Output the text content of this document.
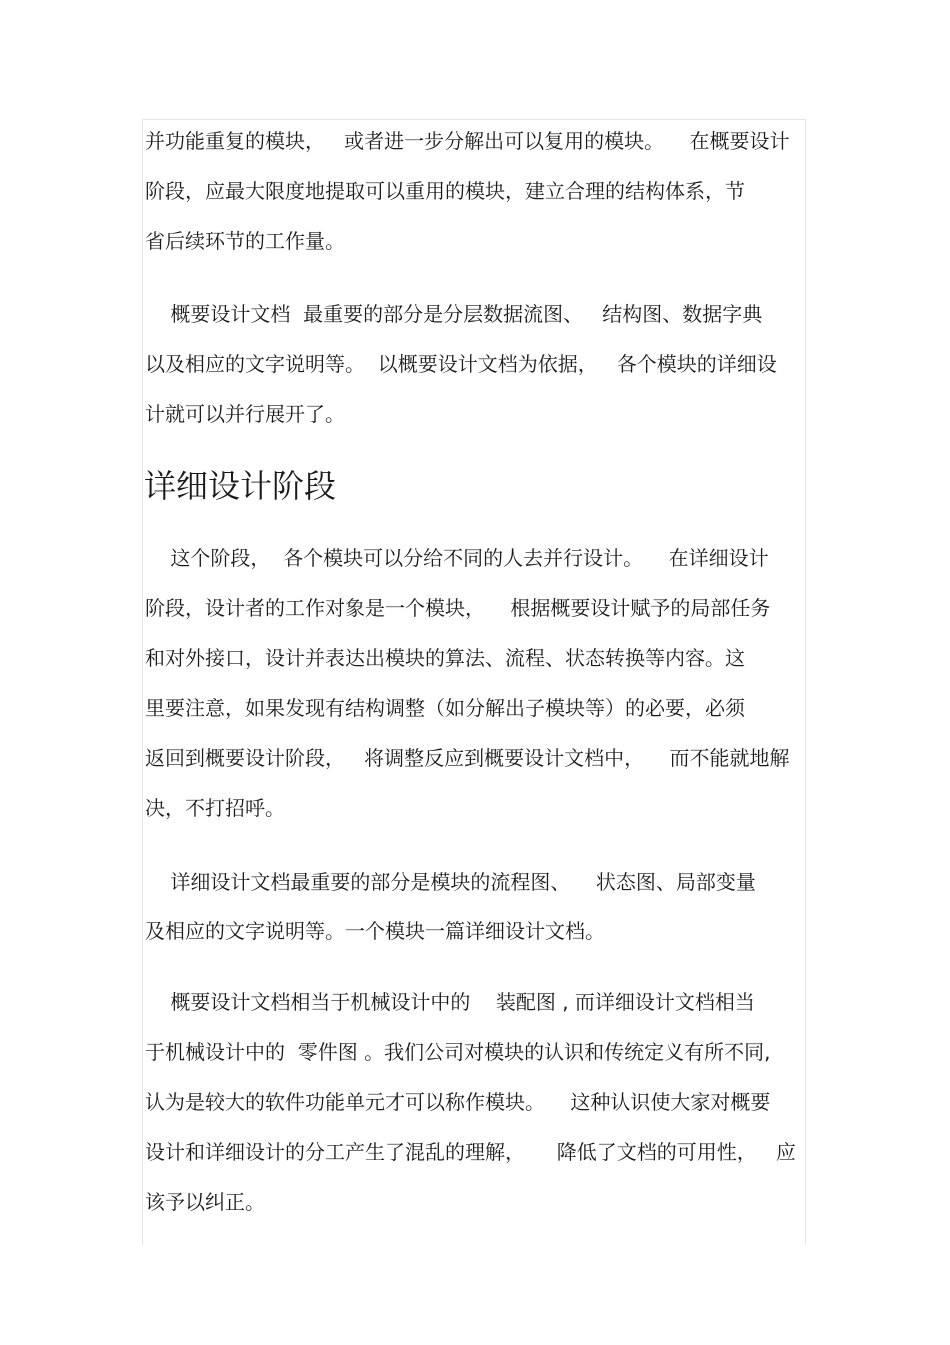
并功能重复的模块，   或者进一步分解出可以复用的模块。    在概要设计
阶段，应最大限度地提取可以重用的模块，建立合理的结构体系，节
省后续环节的工作量。
概要设计文档  最重要的部分是分层数据流图、   结构图、数据字典
以及相应的文字说明等。  以概要设计文档为依据，   各个模块的详细设
计就可以并行展开了。
详细设计阶段
这个阶段，  各个模块可以分给不同的人去并行设计。    在详细设计
阶段，设计者的工作对象是一个模块，    根据概要设计赋予的局部任务
和对外接口，设计并表达出模块的算法、流程、状态转换等内容。这
里要注意，如果发现有结构调整（如分解出子模块等）的必要，必须
返回到概要设计阶段，   将调整反应到概要设计文档中，    而不能就地解
决，不打招呼。
详细设计文档最重要的部分是模块的流程图、    状态图、局部变量
及相应的文字说明等。一个模块一篇详细设计文档。
概要设计文档相当于机械设计中的    装配图 , 而详细设计文档相当
于机械设计中的  零件图 。我们公司对模块的认识和传统定义有所不同,
认为是较大的软件功能单元才可以称作模块。    这种认识使大家对概要
设计和详细设计的分工产生了混乱的理解，     降低了文档的可用性，   应
该予以纠正。
